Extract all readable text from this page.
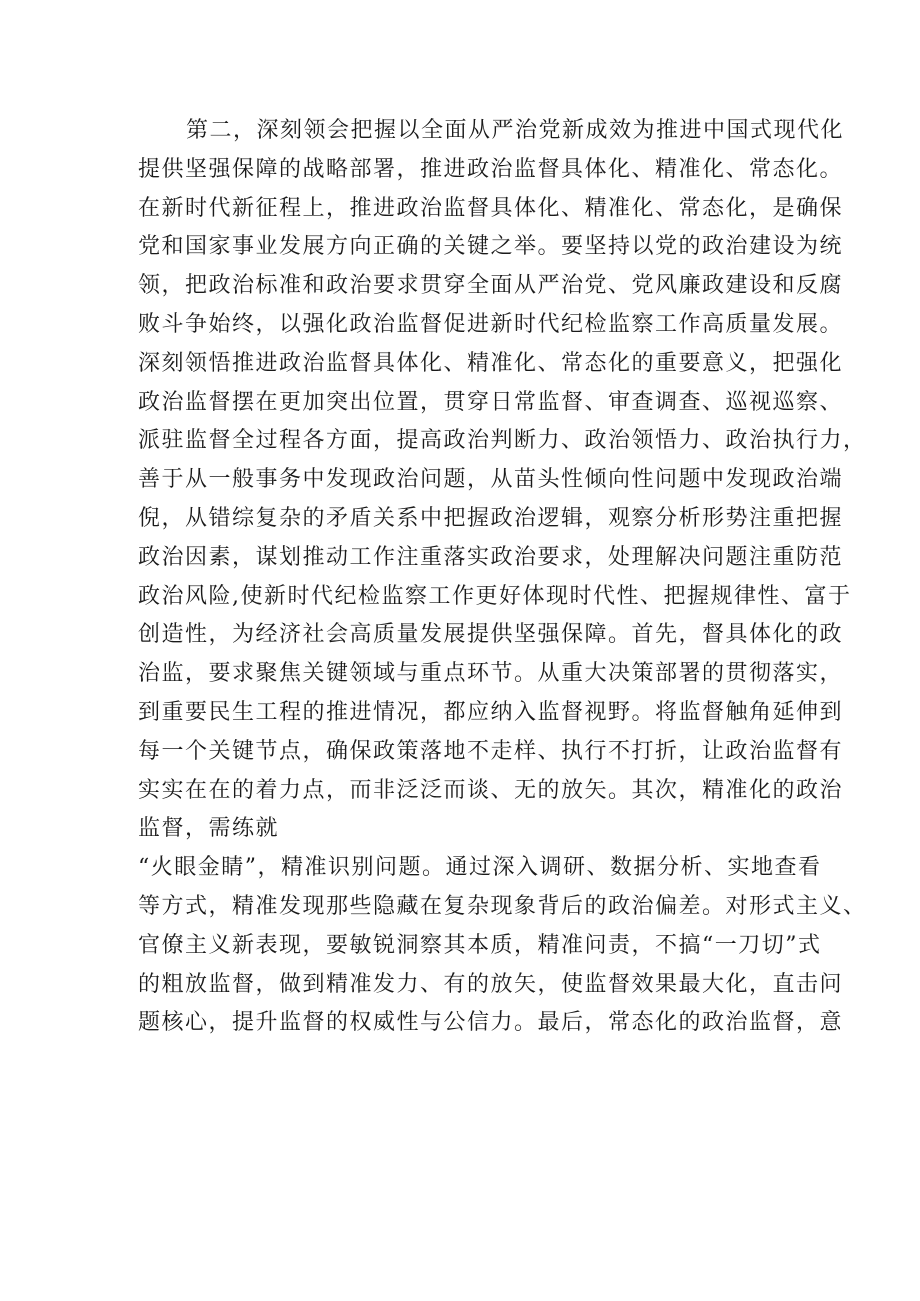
第二，深刻领会把握以全面从严治党新成效为推进中国式现代化
提供坚强保障的战略部署，推进政治监督具体化、精准化、常态化。
在新时代新征程上，推进政治监督具体化、精准化、常态化，是确保
党和国家事业发展方向正确的关键之举。要坚持以党的政治建设为统
领，把政治标准和政治要求贯穿全面从严治党、党风廉政建设和反腐
败斗争始终，以强化政治监督促进新时代纪检监察工作高质量发展。
深刻领悟推进政治监督具体化、精准化、常态化的重要意义，把强化
政治监督摆在更加突出位置，贯穿日常监督、审查调查、巡视巡察、
派驻监督全过程各方面，提高政治判断力、政治领悟力、政治执行力，
善于从一般事务中发现政治问题，从苗头性倾向性问题中发现政治端
倪，从错综复杂的矛盾关系中把握政治逻辑，观察分析形势注重把握
政治因素，谋划推动工作注重落实政治要求，处理解决问题注重防范
政治风险,使新时代纪检监察工作更好体现时代性、把握规律性、富于
创造性，为经济社会高质量发展提供坚强保障。首先，督具体化的政
治监，要求聚焦关键领域与重点环节。从重大决策部署的贯彻落实，
到重要民生工程的推进情况，都应纳入监督视野。将监督触角延伸到
每一个关键节点，确保政策落地不走样、执行不打折，让政治监督有
实实在在的着力点，而非泛泛而谈、无的放矢。其次，精准化的政治
监督，需练就
“火眼金睛”，精准识别问题。通过深入调研、数据分析、实地查看
等方式，精准发现那些隐藏在复杂现象背后的政治偏差。对形式主义、
官僚主义新表现，要敏锐洞察其本质，精准问责，不搞“一刀切”式
的粗放监督，做到精准发力、有的放矢，使监督效果最大化，直击问
题核心，提升监督的权威性与公信力。最后，常态化的政治监督，意
